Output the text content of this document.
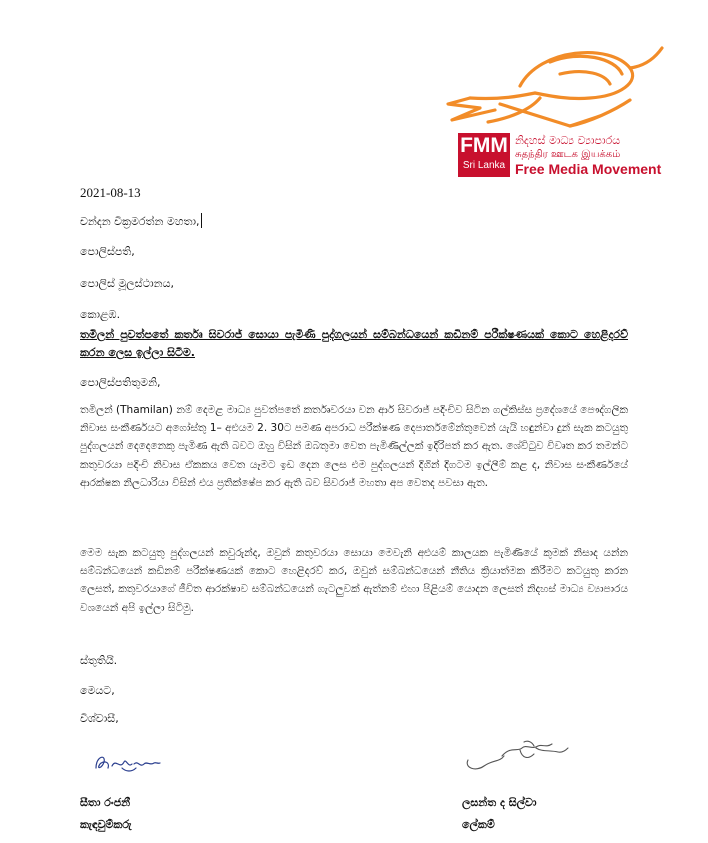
FMM
Sri Lanka
නිදහස් මාධ්‍ය ව්‍යාපාරය
சுதந்திர ஊடக இயக்கம்
Free Media Movement
2021-08-13
චන්දන වික්‍රමරත්න මහතා,
පොලිස්පති,
පොලිස් මූලස්ථානය,
කොළඹ.
තමිලන් පුවත්පතේ කර්තෘ සිවරාජ් සොයා පැමිණි පුද්ගලයන් සම්බන්ධයෙන් කඩිනම් පරීක්ෂණයක් කොට හෙළිදරව් කරන ලෙස ඉල්ලා සිටීම.
පොලිස්පතිතුමනි,
තමිලන් (Thamilan) නම් දෙමළ මාධ්‍ය පුවත්පතේ කර්තෘවරයා වන ආර් සිවරාජ් පදිංචිව සිටින ගල්කිස්ස ප්‍රදේශයේ පෞද්ගලික නිවාස සංකීර්ණයට අගෝස්තු 1– අළුයම 2. 30ට පමණ අපරාධ පරීක්ෂණ දෙපාර්තමේන්තුවෙන් යැයි හඳුන්වා දුන් සැක කටයුතු පුද්ගලයන් දෙදෙනෙකු පැමිණ ඇති බවට ඔහු විසින් ඔබතුමා වෙත පැමිණිල්ලක් ඉදිරිපත් කර ඇත. ශේවිටුව විවෘත කර තමන්ට කතුවරයා පදිංචි නිවාස ඒකකය වෙත යෑමට ඉඩ දෙන ලෙස එම පුද්ගලයන් දිගින් දිගටම ඉල්ලීම් කළ ද, නිවාස සංකීර්ණයේ ආරක්ෂක නිලධාරියා විසින් එය ප්‍රතික්ෂේප කර ඇති බව සිවරාජ් මහතා අප වෙතද පවසා ඇත.
මෙම සැක කටයුතු පුද්ගලයන් කවුරුන්ද, ඔවුන් කතුවරයා සොයා මෙවැනි අළුයම් කාලයක පැමිණියේ කුමක් නිසාද යන්න සම්බන්ධයෙන් කඩිනම් පරීක්ෂණයක් කොට හෙළිදරව් කර, ඔවුන් සම්බන්ධයෙන් නීතිය ක්‍රියාත්මක කිරීමට කටයුතු කරන ලෙසත්, කතුවරයාගේ ජීවිත ආරක්ෂාව සම්බන්ධයෙන් ගැටලුවක් ඇත්නම් එහා පිළියම් යොදන ලෙසත් නිදහස් මාධ්‍ය ව්‍යාපාරය වශයෙන් අපි ඉල්ලා සිටිමු.
ස්තුතියි.
මෙයට,
විශ්වාසී,
සීතා රංජනී
කැඳවුම්කරු
ලසන්ත ද සිල්වා
ලේකම්
